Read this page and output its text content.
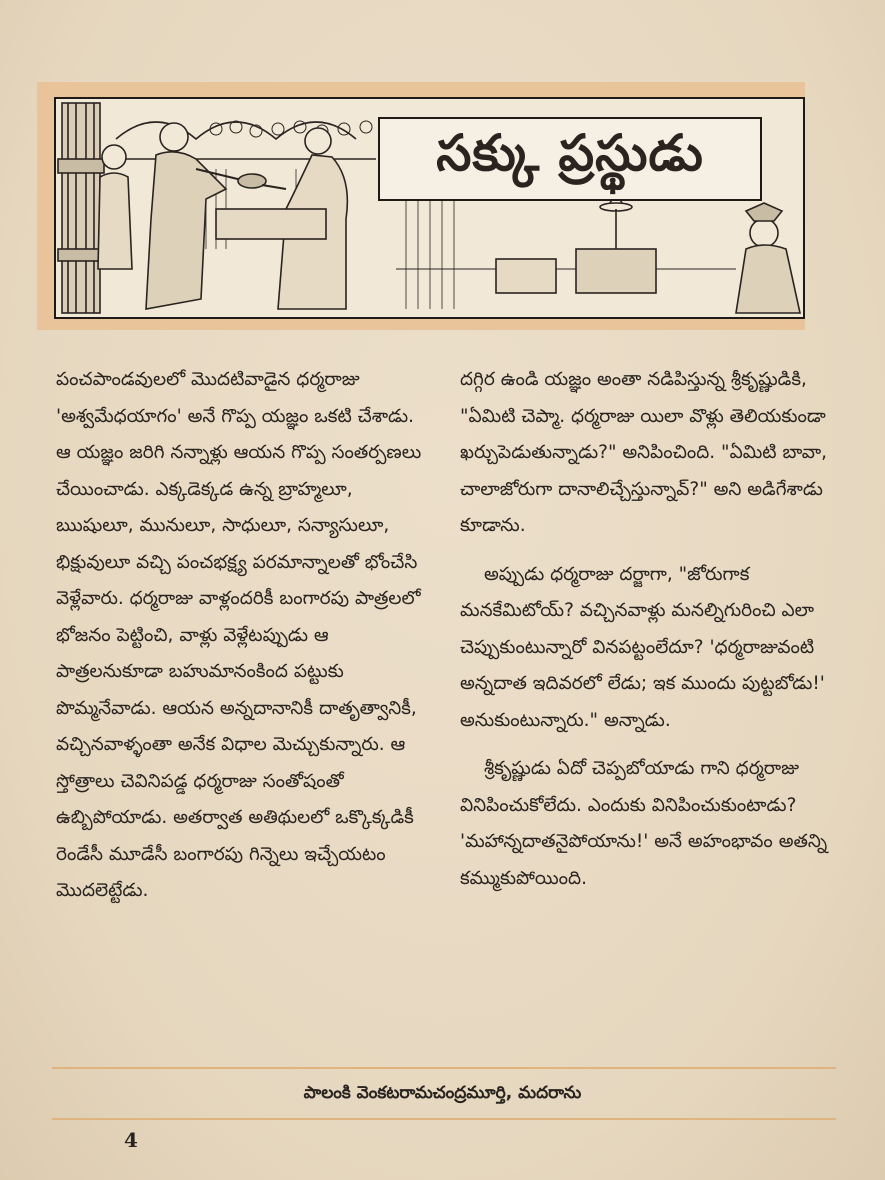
సక్కు ప్రస్థుడు

పంచపాండవులలో మొదటివాడైన ధర్మరాజు 'అశ్వమేధయాగం' అనే గొప్ప యజ్ఞం ఒకటి చేశాడు. ఆ యజ్ఞం జరిగి నన్నాళ్లు ఆయన గొప్ప సంతర్పణలు చేయించాడు. ఎక్కడెక్కడ ఉన్న బ్రాహ్మలూ, ఋషులూ, మునులూ, సాధులూ, సన్యాసులూ, భిక్షువులూ వచ్చి పంచభక్ష్య పరమాన్నాలతో భోంచేసి వెళ్లేవారు. ధర్మరాజు వాళ్లందరికీ బంగారపు పాత్రలలో భోజనం పెట్టించి, వాళ్లు వెళ్లేటప్పుడు ఆ పాత్రలనుకూడా బహుమానంకింద పట్టుకు పొమ్మనేవాడు. ఆయన అన్నదానానికీ దాతృత్వానికీ, వచ్చినవాళ్ళంతా అనేక విధాల మెచ్చుకున్నారు. ఆ స్తోత్రాలు చెవినిపడ్డ ధర్మరాజు సంతోషంతో ఉబ్బిపోయాడు. అతర్వాత అతిథులలో ఒక్కొక్కడికీ రెండేసీ మూడేసీ బంగారపు గిన్నెలు ఇచ్చేయటం మొదలెట్టేడు.

దగ్గిర ఉండి యజ్ఞం అంతా నడిపిస్తున్న శ్రీకృష్ణుడికి, "ఏమిటి చెప్మా. ధర్మరాజు యిలా వొళ్లు తెలియకుండా ఖర్చుపెడుతున్నాడు?" అనిపించింది. "ఏమిటి బావా, చాలాజోరుగా దానాలిచ్చేస్తున్నావ్?" అని అడిగేశాడు కూడాను.

అప్పుడు ధర్మరాజు దర్జాగా, "జోరుగాక మనకేమిటోయ్? వచ్చినవాళ్లు మనల్నిగురించి ఎలా చెప్పుకుంటున్నారో వినపట్టంలేదూ? 'ధర్మరాజువంటి అన్నదాత ఇదివరలో లేడు; ఇక ముందు పుట్టబోడు!' అనుకుంటున్నారు." అన్నాడు.

శ్రీకృష్ణుడు ఏదో చెప్పబోయాడు గాని ధర్మరాజు వినిపించుకోలేదు. ఎందుకు వినిపించుకుంటాడు? 'మహాన్నదాతనైపోయాను!' అనే అహంభావం అతన్ని కమ్ముకుపోయింది.

పాలంకి వెంకటరామచంద్రమూర్తి, మదరాను
4
